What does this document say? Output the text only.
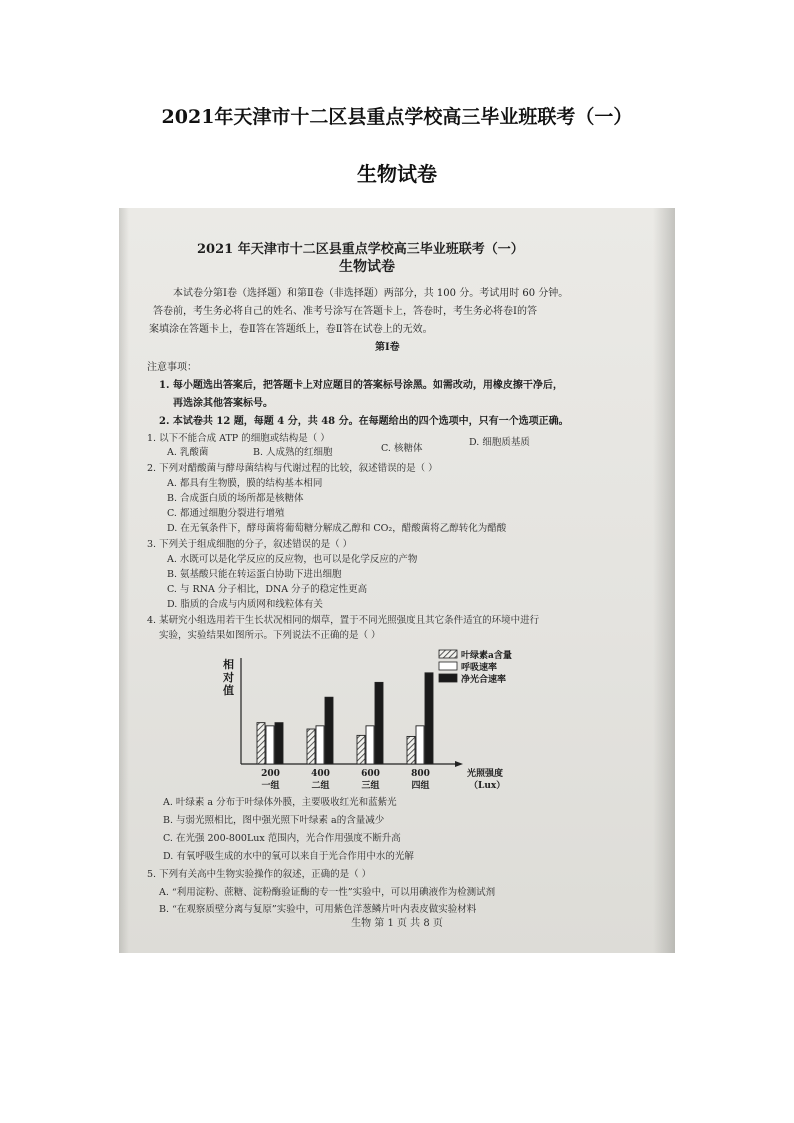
2021年天津市十二区县重点学校高三毕业班联考（一）
生物试卷
2021 年天津市十二区县重点学校高三毕业班联考（一）
生物试卷
本试卷分第Ⅰ卷（选择题）和第Ⅱ卷（非选择题）两部分，共 100 分。考试用时 60 分钟。
答卷前，考生务必将自己的姓名、准考号涂写在答题卡上，答卷时，考生务必将卷Ⅰ的答
案填涂在答题卡上，卷Ⅱ答在答题纸上，卷Ⅱ答在试卷上的无效。
第Ⅰ卷
注意事项：
1. 每小题选出答案后，把答题卡上对应题目的答案标号涂黑。如需改动，用橡皮擦干净后，
再选涂其他答案标号。
2. 本试卷共 12 题，每题 4 分，共 48 分。在每题给出的四个选项中，只有一个选项正确。
1. 以下不能合成 ATP 的细胞或结构是（ ）
A. 乳酸菌	B. 人成熟的红细胞	C. 核糖体
D. 细胞质基质
2. 下列对醋酸菌与酵母菌结构与代谢过程的比较，叙述错误的是（ ）
A. 都具有生物膜，膜的结构基本相同
B. 合成蛋白质的场所都是核糖体
C. 都通过细胞分裂进行增殖
D. 在无氧条件下，酵母菌将葡萄糖分解成乙醇和 CO₂，醋酸菌将乙醇转化为醋酸
3. 下列关于组成细胞的分子，叙述错误的是（ ）
A. 水既可以是化学反应的反应物，也可以是化学反应的产物
B. 氨基酸只能在转运蛋白协助下进出细胞
C. 与 RNA 分子相比，DNA 分子的稳定性更高
D. 脂质的合成与内质网和线粒体有关
4. 某研究小组选用若干生长状况相同的烟草，置于不同光照强度且其它条件适宜的环境中进行
实验，实验结果如图所示。下列说法不正确的是（ ）
相对值
叶绿素a含量
呼吸速率
净光合速率
200
一组
400
二组
600
三组
800
四组
光照强度
（Lux）
A. 叶绿素 a 分布于叶绿体外膜，主要吸收红光和蓝紫光
B. 与弱光照相比，图中强光照下叶绿素 a的含量减少
C. 在光强 200-800Lux 范围内，光合作用强度不断升高
D. 有氧呼吸生成的水中的氧可以来自于光合作用中水的光解
5. 下列有关高中生物实验操作的叙述，正确的是（ ）
A. “利用淀粉、蔗糖、淀粉酶验证酶的专一性”实验中，可以用碘液作为检测试剂
B. “在观察质壁分离与复原”实验中，可用紫色洋葱鳞片叶内表皮做实验材料
生物 第 1 页 共 8 页
